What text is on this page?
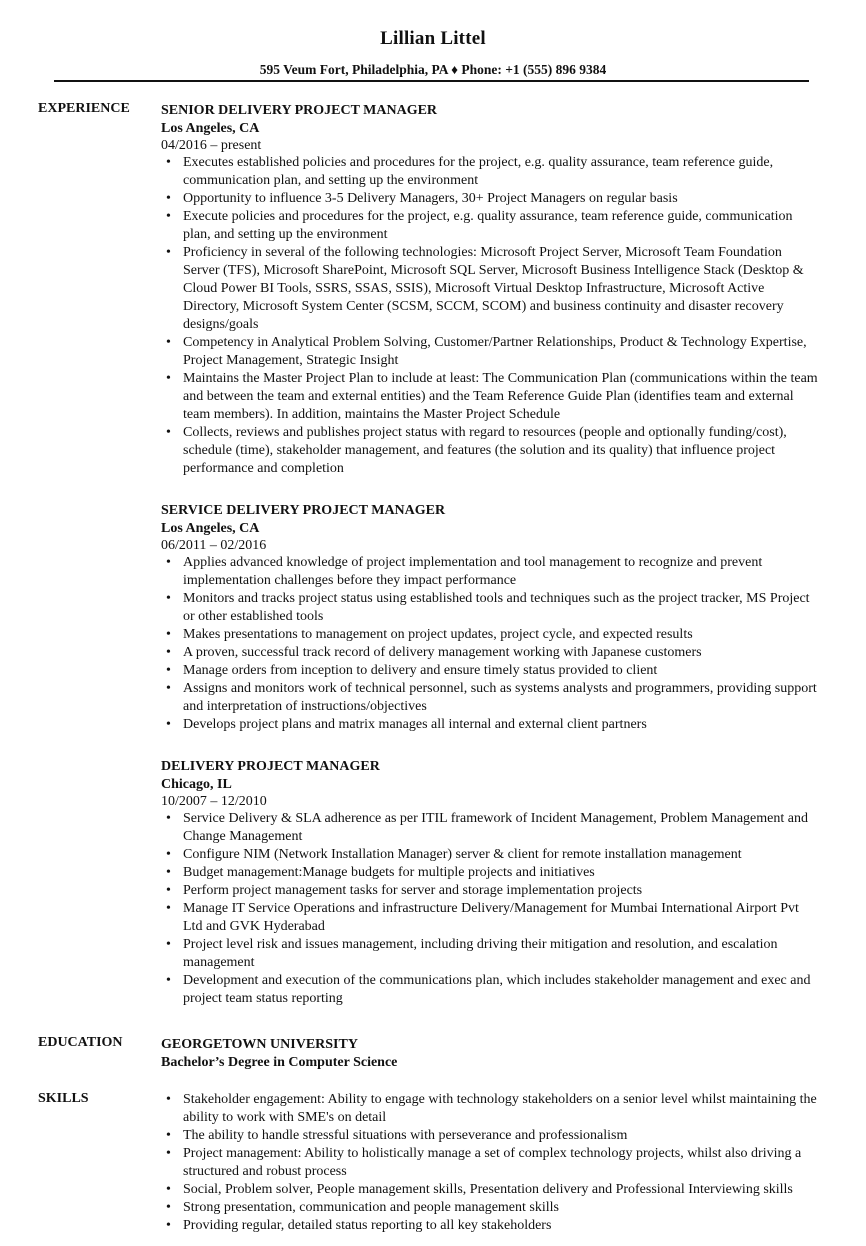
Lillian Littel
595 Veum Fort, Philadelphia, PA ♦ Phone: +1 (555) 896 9384
EXPERIENCE SENIOR DELIVERY PROJECT MANAGER
Los Angeles, CA
04/2016 – present
• Executes established policies and procedures for the project, e.g. quality assurance, team reference guide, communication plan, and setting up the environment
• Opportunity to influence 3-5 Delivery Managers, 30+ Project Managers on regular basis
• Execute policies and procedures for the project, e.g. quality assurance, team reference guide, communication plan, and setting up the environment
• Proficiency in several of the following technologies: Microsoft Project Server, Microsoft Team Foundation Server (TFS), Microsoft SharePoint, Microsoft SQL Server, Microsoft Business Intelligence Stack (Desktop & Cloud Power BI Tools, SSRS, SSAS, SSIS), Microsoft Virtual Desktop Infrastructure, Microsoft Active Directory, Microsoft System Center (SCSM, SCCM, SCOM) and business continuity and disaster recovery designs/goals
• Competency in Analytical Problem Solving, Customer/Partner Relationships, Product & Technology Expertise, Project Management, Strategic Insight
• Maintains the Master Project Plan to include at least: The Communication Plan (communications within the team and between the team and external entities) and the Team Reference Guide Plan (identifies team and external team members). In addition, maintains the Master Project Schedule
• Collects, reviews and publishes project status with regard to resources (people and optionally funding/cost), schedule (time), stakeholder management, and features (the solution and its quality) that influence project performance and completion
SERVICE DELIVERY PROJECT MANAGER
Los Angeles, CA
06/2011 – 02/2016
• Applies advanced knowledge of project implementation and tool management to recognize and prevent implementation challenges before they impact performance
• Monitors and tracks project status using established tools and techniques such as the project tracker, MS Project or other established tools
• Makes presentations to management on project updates, project cycle, and expected results
• A proven, successful track record of delivery management working with Japanese customers
• Manage orders from inception to delivery and ensure timely status provided to client
• Assigns and monitors work of technical personnel, such as systems analysts and programmers, providing support and interpretation of instructions/objectives
• Develops project plans and matrix manages all internal and external client partners
DELIVERY PROJECT MANAGER
Chicago, IL
10/2007 – 12/2010
• Service Delivery & SLA adherence as per ITIL framework of Incident Management, Problem Management and Change Management
• Configure NIM (Network Installation Manager) server & client for remote installation management
• Budget management:Manage budgets for multiple projects and initiatives
• Perform project management tasks for server and storage implementation projects
• Manage IT Service Operations and infrastructure Delivery/Management for Mumbai International Airport Pvt Ltd and GVK Hyderabad
• Project level risk and issues management, including driving their mitigation and resolution, and escalation management
• Development and execution of the communications plan, which includes stakeholder management and exec and project team status reporting
EDUCATION	GEORGETOWN UNIVERSITY
Bachelor’s Degree in Computer Science
SKILLS
•	Stakeholder engagement: Ability to engage with technology stakeholders on a senior level whilst maintaining the ability to work with SME's on detail
• The ability to handle stressful situations with perseverance and professionalism
• Project management: Ability to holistically manage a set of complex technology projects, whilst also driving a structured and robust process
• Social, Problem solver, People management skills, Presentation delivery and Professional Interviewing skills
• Strong presentation, communication and people management skills
• Providing regular, detailed status reporting to all key stakeholders
